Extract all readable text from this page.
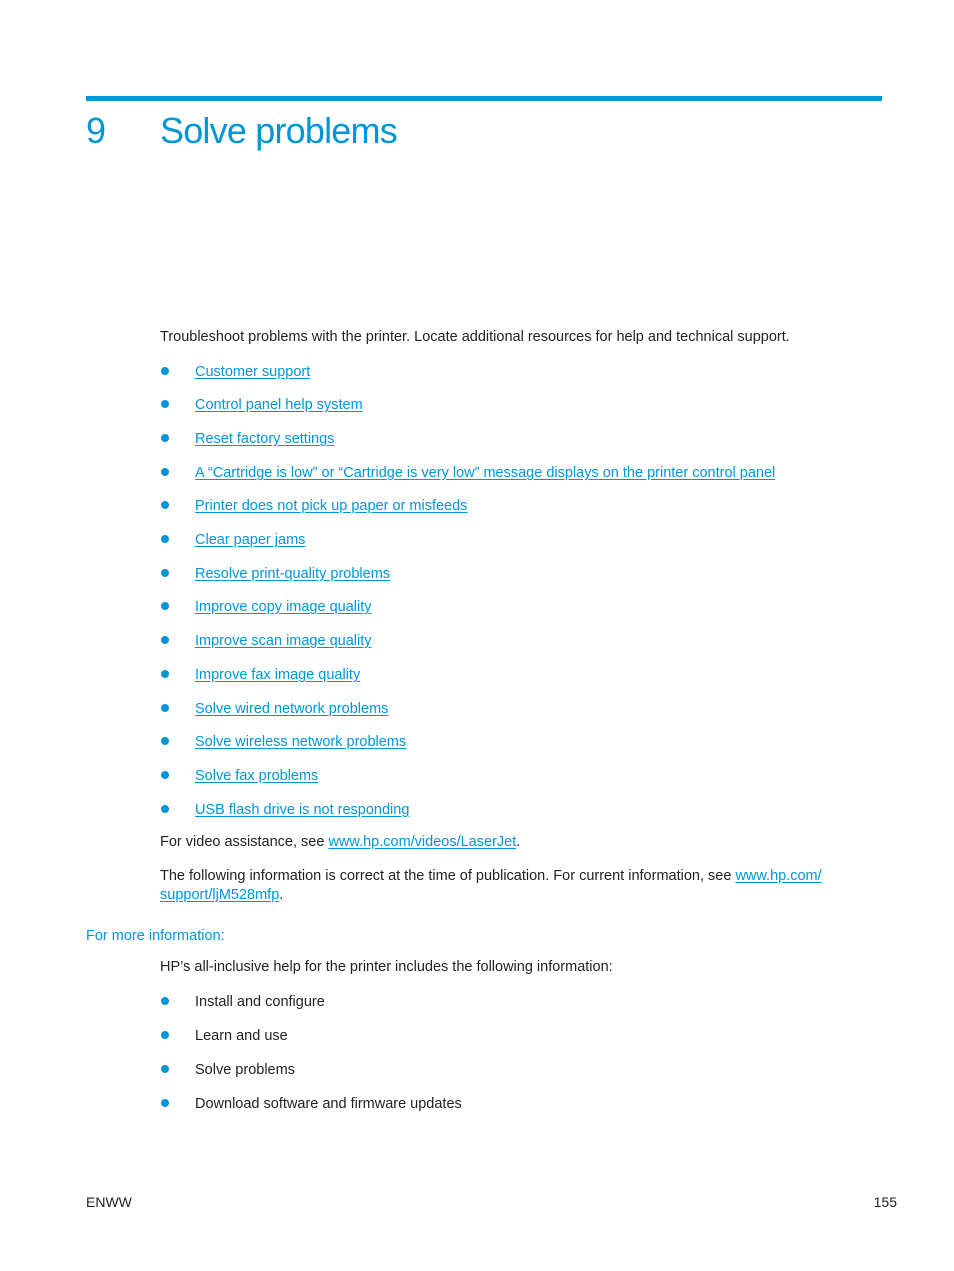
9 Solve problems

Troubleshoot problems with the printer. Locate additional resources for help and technical support.

Customer support
Control panel help system
Reset factory settings
A “Cartridge is low” or “Cartridge is very low” message displays on the printer control panel
Printer does not pick up paper or misfeeds
Clear paper jams
Resolve print-quality problems
Improve copy image quality
Improve scan image quality
Improve fax image quality
Solve wired network problems
Solve wireless network problems
Solve fax problems
USB flash drive is not responding

For video assistance, see www.hp.com/videos/LaserJet.

The following information is correct at the time of publication. For current information, see www.hp.com/
support/ljM528mfp.
For more information:

HP’s all-inclusive help for the printer includes the following information:

Install and configure
Learn and use
Solve problems
Download software and firmware updates
ENWW	155
